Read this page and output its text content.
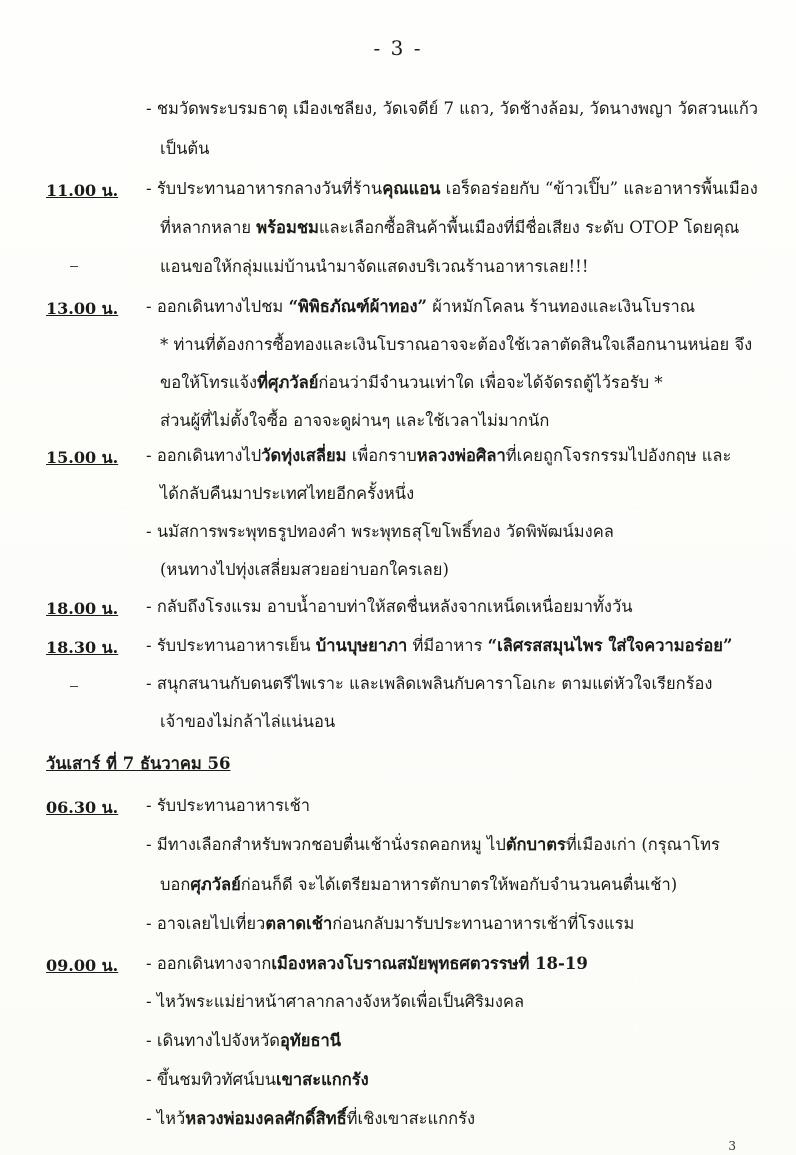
- 3 -
- ชมวัดพระบรมธาตุ เมืองเชลียง, วัดเจดีย์ 7 แถว, วัดช้างล้อม, วัดนางพญา วัดสวนแก้ว
เป็นต้น
11.00 น. - รับประทานอาหารกลางวันที่ร้านคุณแอน เอร็ดอร่อยกับ “ข้าวเปิ๊บ” และอาหารพื้นเมือง
ที่หลากหลาย พร้อมชมและเลือกซื้อสินค้าพื้นเมืองที่มีชื่อเสียง ระดับ OTOP โดยคุณ
แอนขอให้กลุ่มแม่บ้านนำมาจัดแสดงบริเวณร้านอาหารเลย!!!
13.00 น. - ออกเดินทางไปชม “พิพิธภัณฑ์ผ้าทอง” ผ้าหมักโคลน ร้านทองและเงินโบราณ
* ท่านที่ต้องการซื้อทองและเงินโบราณอาจจะต้องใช้เวลาตัดสินใจเลือกนานหน่อย จึง
ขอให้โทรแจ้งที่ศุภวัลย์ก่อนว่ามีจำนวนเท่าใด เพื่อจะได้จัดรถตู้ไว้รอรับ *
ส่วนผู้ที่ไม่ตั้งใจซื้อ อาจจะดูผ่านๆ และใช้เวลาไม่มากนัก
15.00 น. - ออกเดินทางไปวัดทุ่งเสลี่ยม เพื่อกราบหลวงพ่อศิลาที่เคยถูกโจรกรรมไปอังกฤษ และ
ได้กลับคืนมาประเทศไทยอีกครั้งหนึ่ง
- นมัสการพระพุทธรูปทองคำ พระพุทธสุโขโพธิ์ทอง วัดพิพัฒน์มงคล
(หนทางไปทุ่งเสลี่ยมสวยอย่าบอกใครเลย)
18.00 น. - กลับถึงโรงแรม อาบน้ำอาบท่าให้สดชื่นหลังจากเหน็ดเหนื่อยมาทั้งวัน
18.30 น. - รับประทานอาหารเย็น บ้านบุษยาภา ที่มีอาหาร “เลิศรสสมุนไพร ใส่ใจความอร่อย”
- สนุกสนานกับดนตรีไพเราะ และเพลิดเพลินกับคาราโอเกะ ตามแต่หัวใจเรียกร้อง
เจ้าของไม่กล้าไล่แน่นอน
วันเสาร์ ที่ 7 ธันวาคม 56
06.30 น. - รับประทานอาหารเช้า
- มีทางเลือกสำหรับพวกชอบตื่นเช้านั่งรถคอกหมู ไปตักบาตรที่เมืองเก่า (กรุณาโทร
บอกศุภวัลย์ก่อนก็ดี จะได้เตรียมอาหารตักบาตรให้พอกับจำนวนคนตื่นเช้า)
- อาจเลยไปเที่ยวตลาดเช้าก่อนกลับมารับประทานอาหารเช้าที่โรงแรม
09.00 น. - ออกเดินทางจากเมืองหลวงโบราณสมัยพุทธศตวรรษที่ 18-19
- ไหว้พระแม่ย่าหน้าศาลากลางจังหวัดเพื่อเป็นศิริมงคล
- เดินทางไปจังหวัดอุทัยธานี
- ขึ้นชมทิวทัศน์บนเขาสะแกกรัง
- ไหว้หลวงพ่อมงคลศักดิ์สิทธิ์ที่เชิงเขาสะแกกรัง
3
